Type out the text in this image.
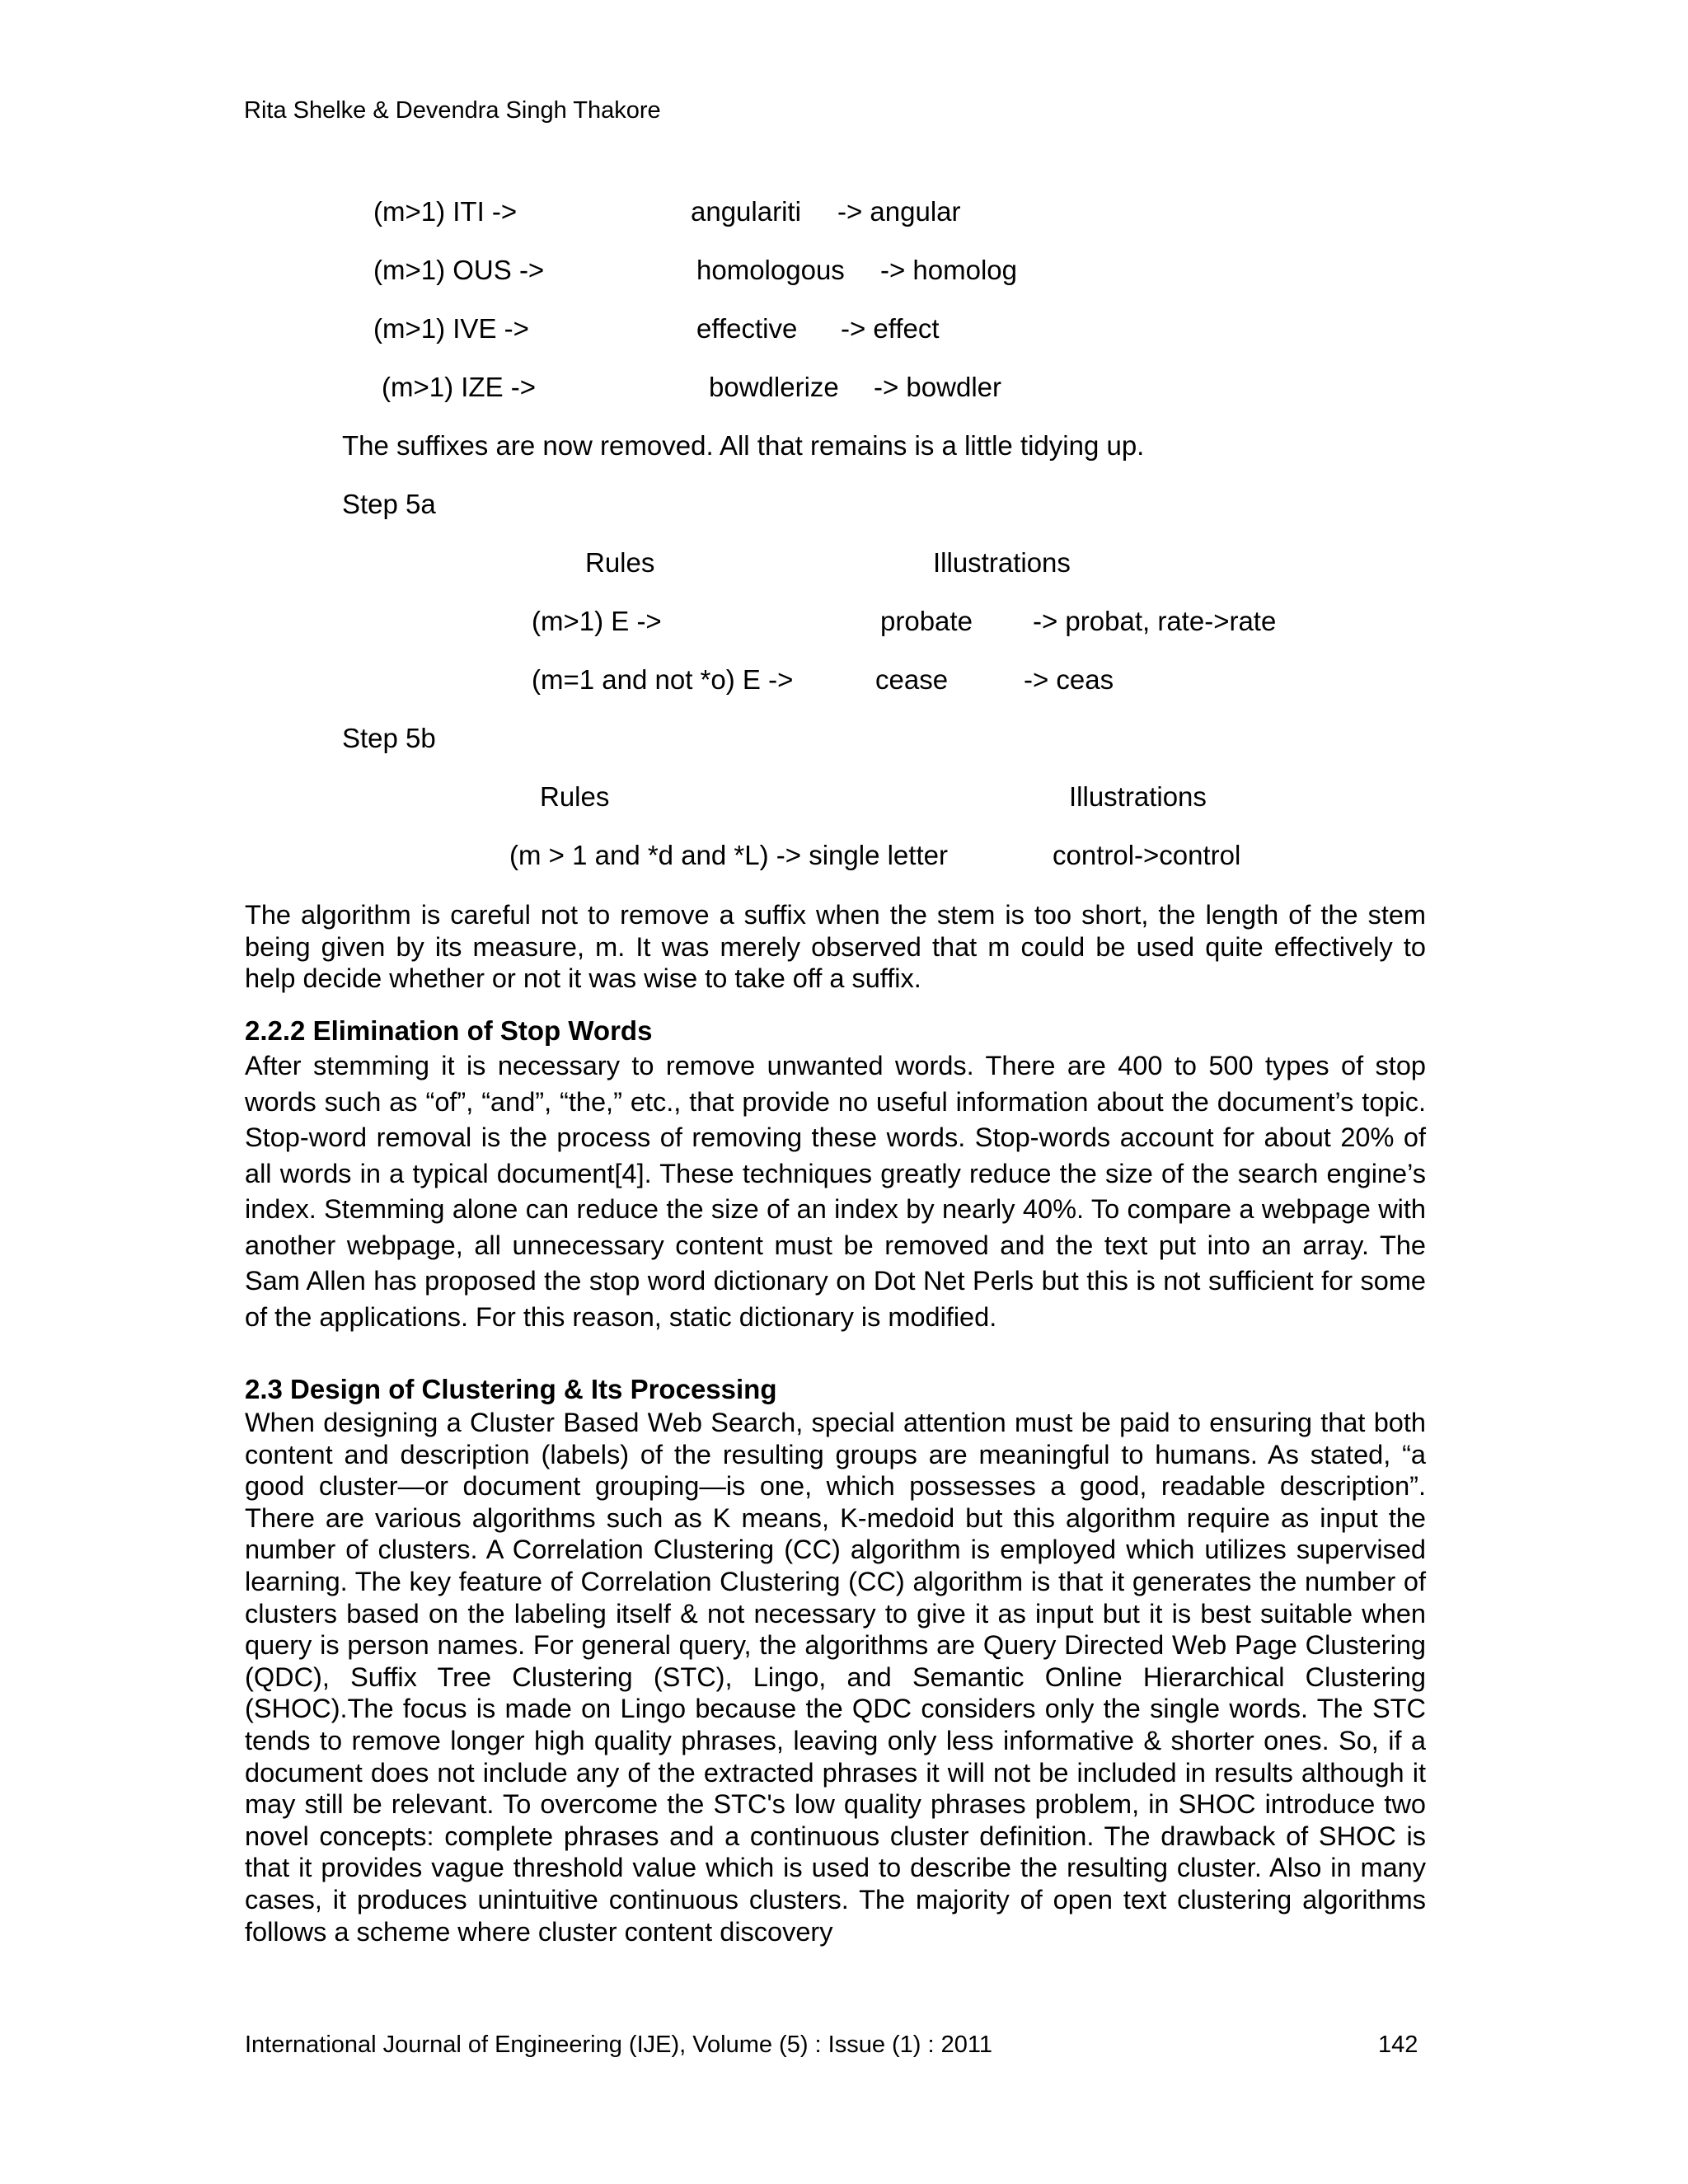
Rita Shelke & Devendra Singh Thakore
(m>1) ITI ->	angulariti -> angular
(m>1) OUS ->	homologous -> homolog
(m>1) IVE ->	effective -> effect
(m>1) IZE ->	bowdlerize -> bowdler
The suffixes are now removed. All that remains is a little tidying up.
Step 5a
Rules	Illustrations
(m>1) E ->	probate -> probat, rate->rate
(m=1 and not *o) E ->	cease	-> ceas
Step 5b
Rules	Illustrations
(m > 1 and *d and *L) -> single letter	control->control

The algorithm is careful not to remove a suffix when the stem is too short, the length of the stem being given by its measure, m. It was merely observed that m could be used quite effectively to help decide whether or not it was wise to take off a suffix.

2.2.2 Elimination of Stop Words

After stemming it is necessary to remove unwanted words. There are 400 to 500 types of stop words such as “of”, “and”, “the,” etc., that provide no useful information about the document’s topic. Stop-word removal is the process of removing these words. Stop-words account for about 20% of all words in a typical document[4]. These techniques greatly reduce the size of the search engine’s index. Stemming alone can reduce the size of an index by nearly 40%. To compare a webpage with another webpage, all unnecessary content must be removed and the text put into an array. The Sam Allen has proposed the stop word dictionary on Dot Net Perls but this is not sufficient for some of the applications. For this reason, static dictionary is modified.

2.3 Design of Clustering & Its Processing

When designing a Cluster Based Web Search, special attention must be paid to ensuring that both content and description (labels) of the resulting groups are meaningful to humans. As stated, “a good cluster—or document grouping—is one, which possesses a good, readable description”. There are various algorithms such as K means, K-medoid but this algorithm require as input the number of clusters. A Correlation Clustering (CC) algorithm is employed which utilizes supervised learning. The key feature of Correlation Clustering (CC) algorithm is that it generates the number of clusters based on the labeling itself & not necessary to give it as input but it is best suitable when query is person names. For general query, the algorithms are Query Directed Web Page Clustering (QDC), Suffix Tree Clustering (STC), Lingo, and Semantic Online Hierarchical Clustering (SHOC).The focus is made on Lingo because the QDC considers only the single words. The STC tends to remove longer high quality phrases, leaving only less informative & shorter ones. So, if a document does not include any of the extracted phrases it will not be included in results although it may still be relevant. To overcome the STC's low quality phrases problem, in SHOC introduce two novel concepts: complete phrases and a continuous cluster definition. The drawback of SHOC is that it provides vague threshold value which is used to describe the resulting cluster. Also in many cases, it produces unintuitive continuous clusters. The majority of open text clustering algorithms follows a scheme where cluster content discovery

International Journal of Engineering (IJE), Volume (5) : Issue (1) : 2011	142
